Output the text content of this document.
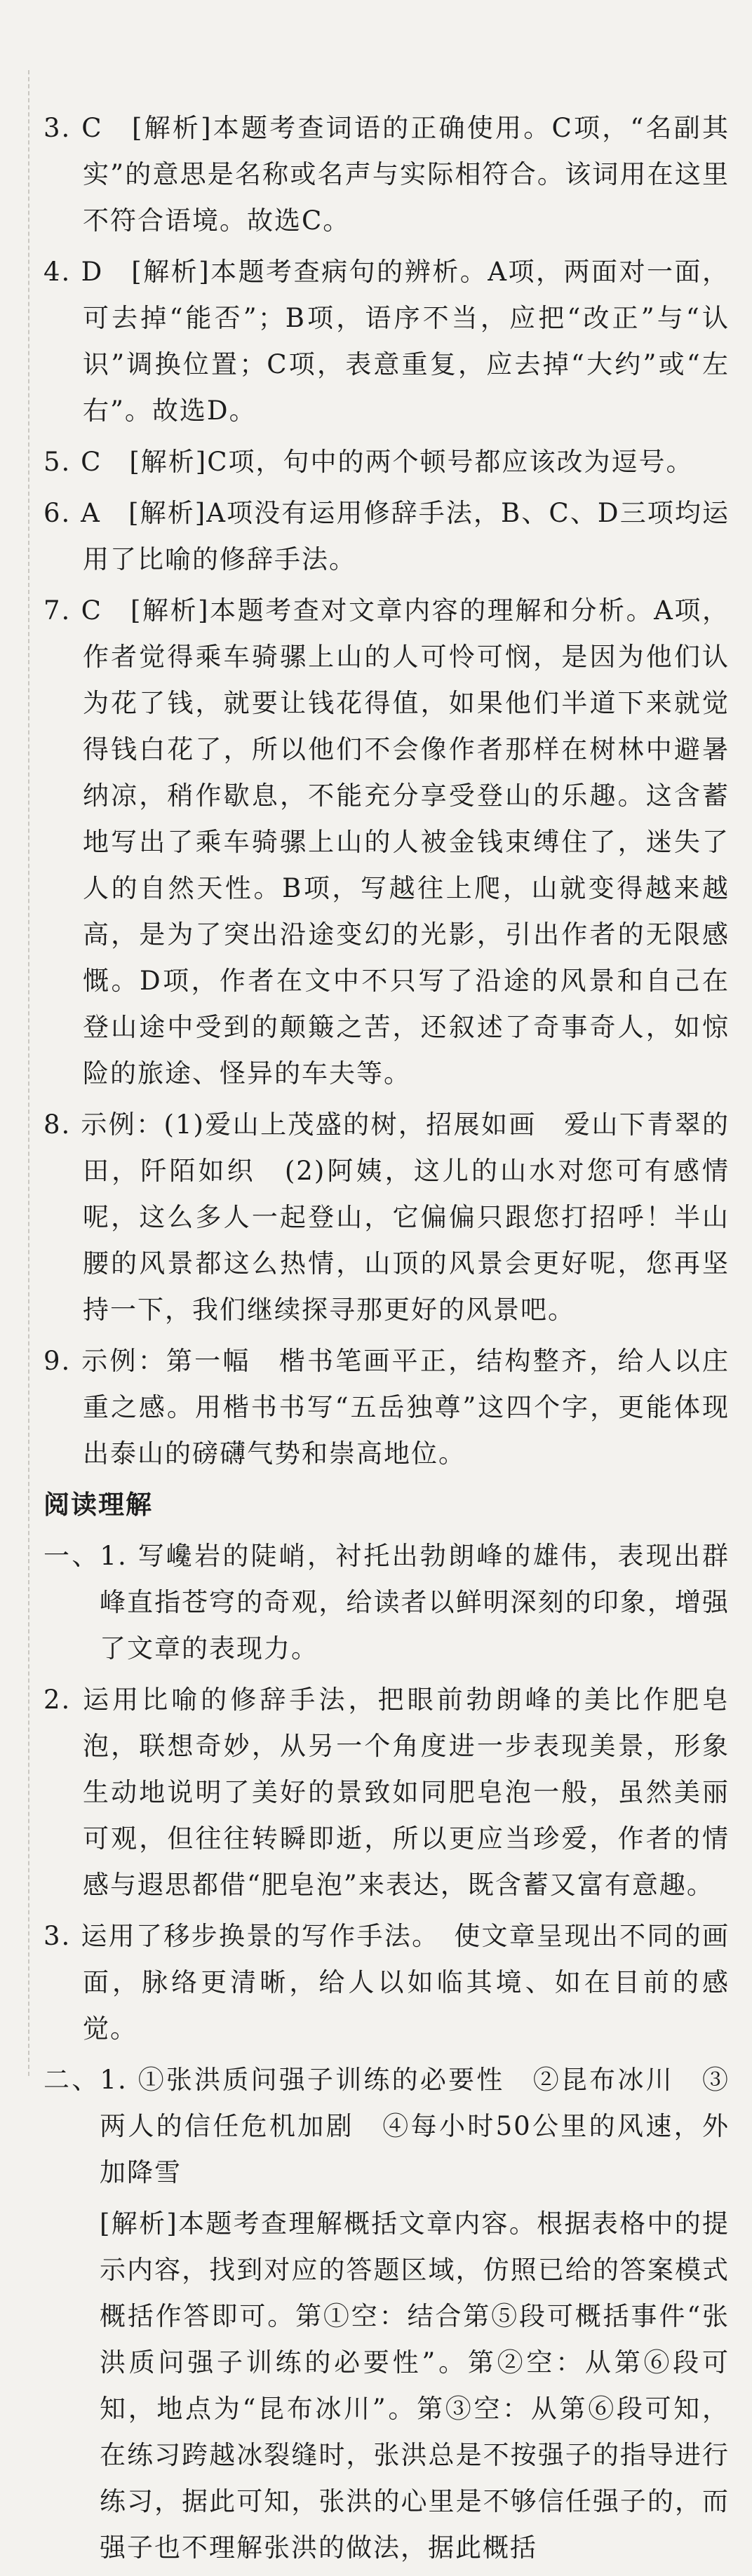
3. C　[解析]本题考查词语的正确使用。C项，“名副其实”的意思是名称或名声与实际相符合。该词用在这里不符合语境。故选C。

4. D　[解析]本题考查病句的辨析。A项，两面对一面，可去掉“能否”；B项，语序不当，应把“改正”与“认识”调换位置；C项，表意重复，应去掉“大约”或“左右”。故选D。

5. C　[解析]C项，句中的两个顿号都应该改为逗号。

6. A　[解析]A项没有运用修辞手法，B、C、D三项均运用了比喻的修辞手法。

7. C　[解析]本题考查对文章内容的理解和分析。A项，作者觉得乘车骑骡上山的人可怜可悯，是因为他们认为花了钱，就要让钱花得值，如果他们半道下来就觉得钱白花了，所以他们不会像作者那样在树林中避暑纳凉，稍作歇息，不能充分享受登山的乐趣。这含蓄地写出了乘车骑骡上山的人被金钱束缚住了，迷失了人的自然天性。B项，写越往上爬，山就变得越来越高，是为了突出沿途变幻的光影，引出作者的无限感慨。D项，作者在文中不只写了沿途的风景和自己在登山途中受到的颠簸之苦，还叙述了奇事奇人，如惊险的旅途、怪异的车夫等。

8. 示例：(1)爱山上茂盛的树，招展如画　爱山下青翠的田，阡陌如织　(2)阿姨，这儿的山水对您可有感情呢，这么多人一起登山，它偏偏只跟您打招呼！半山腰的风景都这么热情，山顶的风景会更好呢，您再坚持一下，我们继续探寻那更好的风景吧。

9. 示例：第一幅　楷书笔画平正，结构整齐，给人以庄重之感。用楷书书写“五岳独尊”这四个字，更能体现出泰山的磅礴气势和崇高地位。

阅读理解

一、1. 写巉岩的陡峭，衬托出勃朗峰的雄伟，表现出群峰直指苍穹的奇观，给读者以鲜明深刻的印象，增强了文章的表现力。

2. 运用比喻的修辞手法，把眼前勃朗峰的美比作肥皂泡，联想奇妙，从另一个角度进一步表现美景，形象生动地说明了美好的景致如同肥皂泡一般，虽然美丽可观，但往往转瞬即逝，所以更应当珍爱，作者的情感与遐思都借“肥皂泡”来表达，既含蓄又富有意趣。

3. 运用了移步换景的写作手法。　使文章呈现出不同的画面，脉络更清晰，给人以如临其境、如在目前的感觉。

二、1. ①张洪质问强子训练的必要性　②昆布冰川　③两人的信任危机加剧　④每小时50公里的风速，外加降雪

[解析]本题考查理解概括文章内容。根据表格中的提示内容，找到对应的答题区域，仿照已给的答案模式概括作答即可。第①空：结合第⑤段可概括事件“张洪质问强子训练的必要性”。第②空：从第⑥段可知，地点为“昆布冰川”。第③空：从第⑥段可知，在练习跨越冰裂缝时，张洪总是不按强子的指导进行练习，据此可知，张洪的心里是不够信任强子的，而强子也不理解张洪的做法，据此概括
